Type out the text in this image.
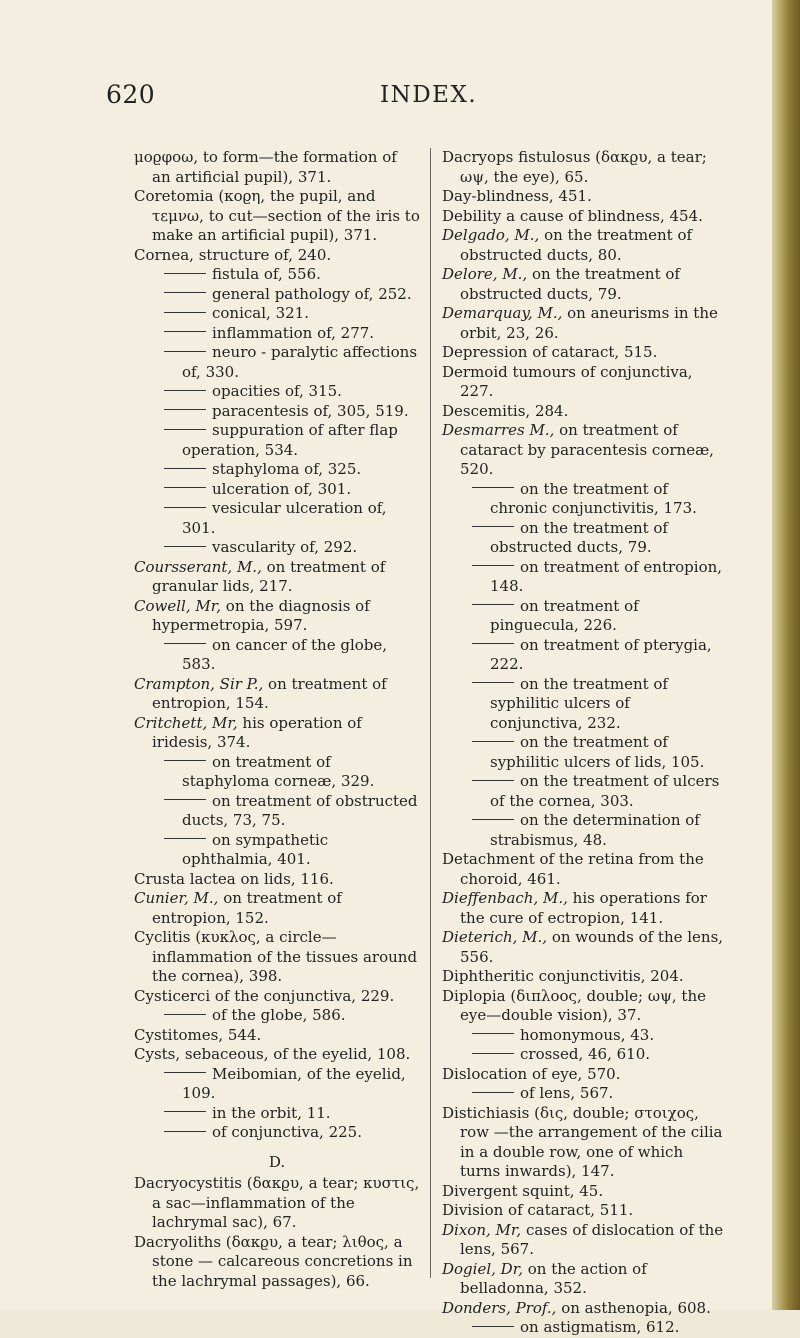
620	INDEX.

μοϱφοω, to form—the formation of an artificial pupil), 371.

Coretomia (κοϱη, the pupil, and τεμνω, to cut—section of the iris to make an artificial pupil), 371.

Cornea, structure of, 240.

fistula of, 556.

general pathology of, 252.

conical, 321.

inflammation of, 277.

neuro - paralytic affections of, 330.

opacities of, 315.

paracentesis of, 305, 519.

suppuration of after flap operation, 534.

staphyloma of, 325.

ulceration of, 301.

vesicular ulceration of, 301.

vascularity of, 292.

Coursserant, M., on treatment of granular lids, 217.

Cowell, Mr, on the diagnosis of hypermetropia, 597.

on cancer of the globe, 583.

Crampton, Sir P., on treatment of entropion, 154.

Critchett, Mr, his operation of iridesis, 374.

on treatment of staphyloma corneæ, 329.

on treatment of obstructed ducts, 73, 75.

on sympathetic ophthalmia, 401.

Crusta lactea on lids, 116.

Cunier, M., on treatment of entropion, 152.

Cyclitis (κυκλος, a circle—inflammation of the tissues around the cornea), 398.

Cysticerci of the conjunctiva, 229.

of the globe, 586.

Cystitomes, 544.

Cysts, sebaceous, of the eyelid, 108.

Meibomian, of the eyelid, 109.

in the orbit, 11.

of conjunctiva, 225.

D.

Dacryocystitis (δακϱυ, a tear; κυστις, a sac—inflammation of the lachrymal sac), 67.

Dacryoliths (δακϱυ, a tear; λιθος, a stone — calcareous concretions in the lachrymal passages), 66.

Dacryops fistulosus (δακϱυ, a tear; ωψ, the eye), 65.

Day-blindness, 451.

Debility a cause of blindness, 454.

Delgado, M., on the treatment of obstructed ducts, 80.

Delore, M., on the treatment of obstructed ducts, 79.

Demarquay, M., on aneurisms in the orbit, 23, 26.

Depression of cataract, 515.

Dermoid tumours of conjunctiva, 227.

Descemitis, 284.

Desmarres M., on treatment of cataract by paracentesis corneæ, 520.

on the treatment of chronic conjunctivitis, 173.

on the treatment of obstructed ducts, 79.

on treatment of entropion, 148.

on treatment of pinguecula, 226.

on treatment of pterygia, 222.

on the treatment of syphilitic ulcers of conjunctiva, 232.

on the treatment of syphilitic ulcers of lids, 105.

on the treatment of ulcers of the cornea, 303.

on the determination of strabismus, 48.

Detachment of the retina from the choroid, 461.

Dieffenbach, M., his operations for the cure of ectropion, 141.

Dieterich, M., on wounds of the lens, 556.

Diphtheritic conjunctivitis, 204.

Diplopia (διπλοος, double; ωψ, the eye—double vision), 37.

homonymous, 43.

crossed, 46, 610.

Dislocation of eye, 570.

of lens, 567.

Distichiasis (δις, double; στοιχος, row —the arrangement of the cilia in a double row, one of which turns inwards), 147.

Divergent squint, 45.

Division of cataract, 511.

Dixon, Mr, cases of dislocation of the lens, 567.

Dogiel, Dr, on the action of belladonna, 352.

Donders, Prof., on asthenopia, 608.

on astigmatism, 612.
